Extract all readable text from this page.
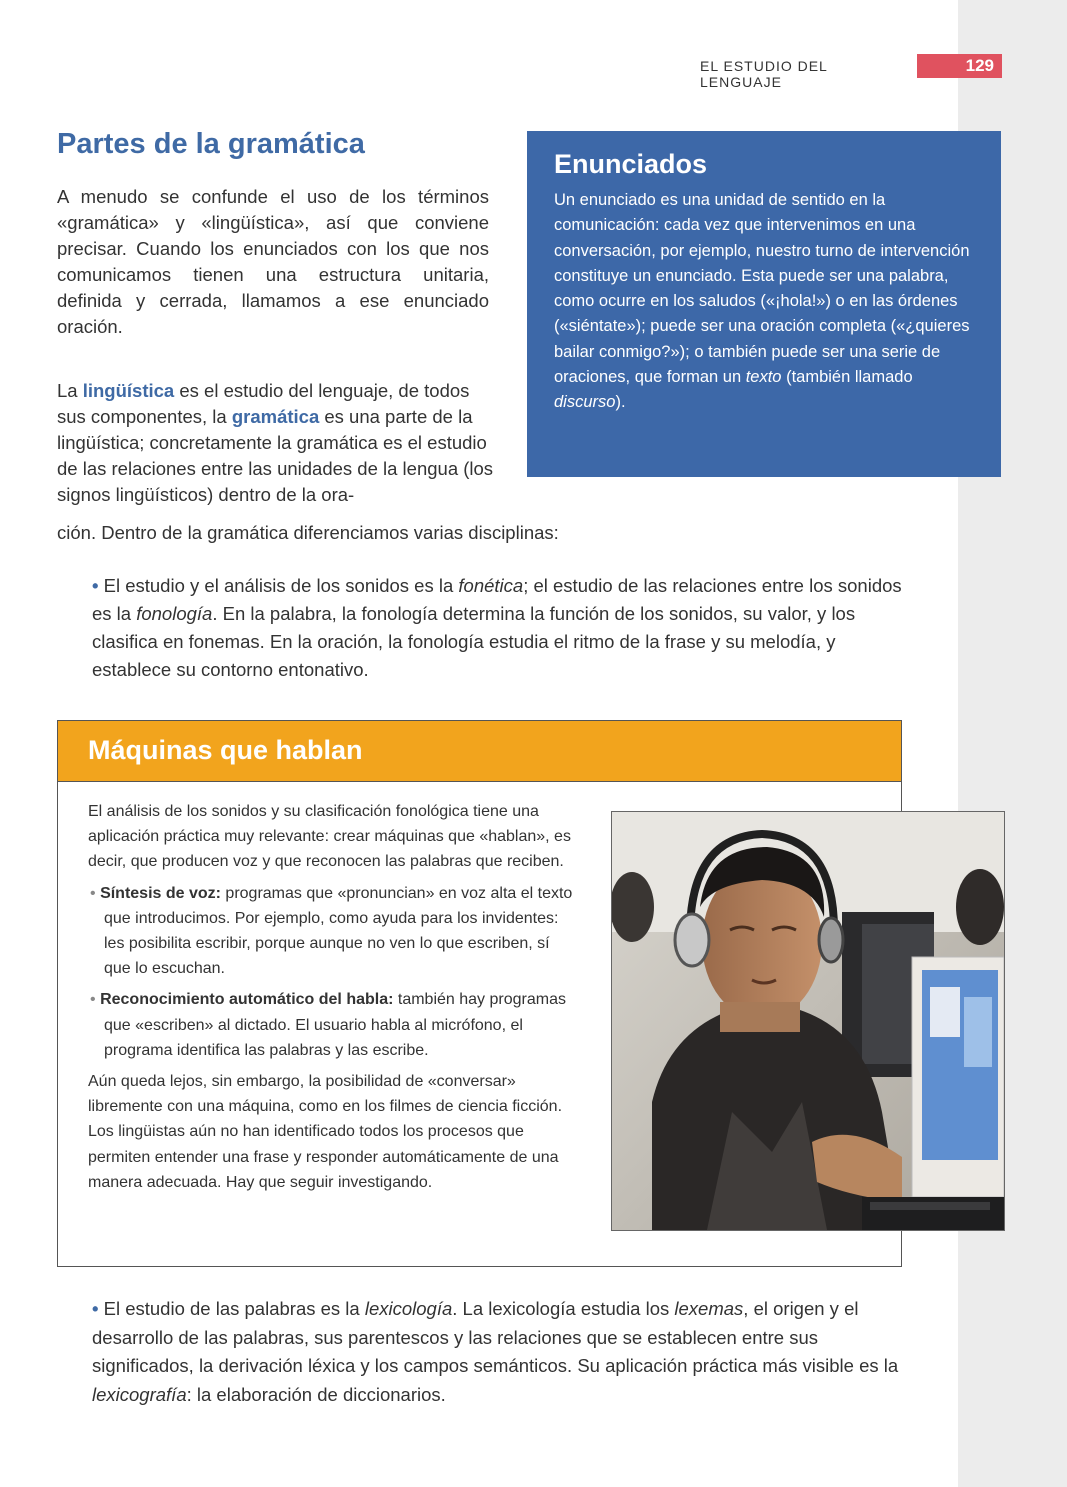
EL ESTUDIO DEL LENGUAJE
129
Partes de la gramática

A menudo se confunde el uso de los términos «gramática» y «lingüística», así que conviene precisar. Cuando los enunciados con los que nos comunicamos tienen una estructura unitaria, definida y cerrada, llamamos a ese enunciado oración.

La lingüística es el estudio del lenguaje, de todos sus componentes, la gramática es una parte de la lingüística; concretamente la gramática es el estudio de las relaciones entre las unidades de la lengua (los signos lingüísticos) dentro de la ora-

ción. Dentro de la gramática diferenciamos varias disciplinas:

Enunciados

Un enunciado es una unidad de sentido en la comunicación: cada vez que intervenimos en una conversación, por ejemplo, nuestro turno de intervención constituye un enunciado. Esta puede ser una palabra, como ocurre en los saludos («¡hola!») o en las órdenes («siéntate»); puede ser una oración completa («¿quieres bailar conmigo?»); o también puede ser una serie de oraciones, que forman un texto (también llamado discurso).

• El estudio y el análisis de los sonidos es la fonética; el estudio de las relaciones entre los sonidos es la fonología. En la palabra, la fonología determina la función de los sonidos, su valor, y los clasifica en fonemas. En la oración, la fonología estudia el ritmo de la frase y su melodía, y establece su contorno entonativo.

Máquinas que hablan

El análisis de los sonidos y su clasificación fonológica tiene una aplicación práctica muy relevante: crear máquinas que «hablan», es decir, que producen voz y que reconocen las palabras que reciben.

• Síntesis de voz: programas que «pronuncian» en voz alta el texto que introducimos. Por ejemplo, como ayuda para los invidentes: les posibilita escribir, porque aunque no ven lo que escriben, sí que lo escuchan.

• Reconocimiento automático del habla: también hay programas que «escriben» al dictado. El usuario habla al micrófono, el programa identifica las palabras y las escribe.

Aún queda lejos, sin embargo, la posibilidad de «conversar» libremente con una máquina, como en los filmes de ciencia ficción. Los lingüistas aún no han identificado todos los procesos que permiten entender una frase y responder automáticamente de una manera adecuada. Hay que seguir investigando.

• El estudio de las palabras es la lexicología. La lexicología estudia los lexemas, el origen y el desarrollo de las palabras, sus parentescos y las relaciones que se establecen entre sus significados, la derivación léxica y los campos semánticos. Su aplicación práctica más visible es la lexicografía: la elaboración de diccionarios.
